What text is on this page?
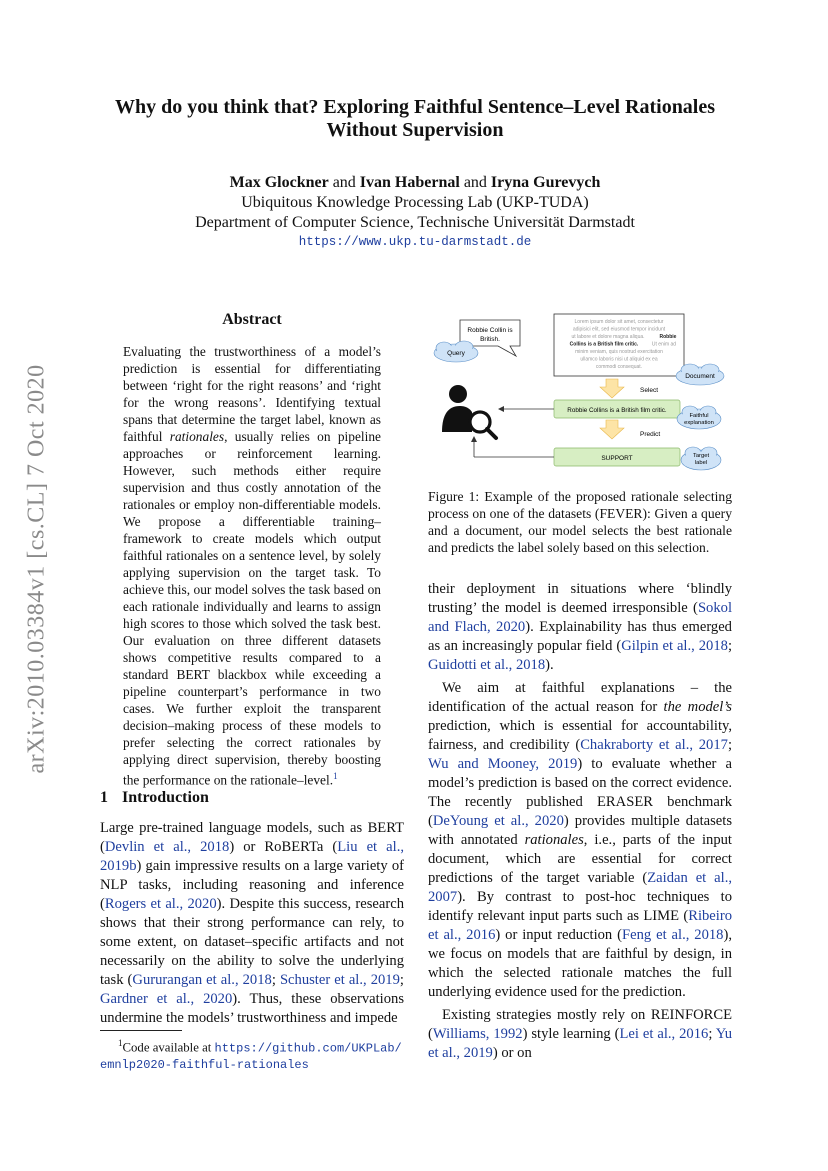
arXiv:2010.03384v1 [cs.CL] 7 Oct 2020
Why do you think that? Exploring Faithful Sentence–Level Rationales
Without Supervision
Max Glockner and Ivan Habernal and Iryna Gurevych
Ubiquitous Knowledge Processing Lab (UKP-TUDA)
Department of Computer Science, Technische Universität Darmstadt
https://www.ukp.tu-darmstadt.de
Abstract
Evaluating the trustworthiness of a model’s prediction is essential for differentiating between ‘right for the right reasons’ and ‘right for the wrong reasons’. Identifying textual spans that determine the target label, known as faithful rationales, usually relies on pipeline approaches or reinforcement learning. However, such methods either require supervision and thus costly annotation of the rationales or employ non-differentiable models. We propose a differentiable training–framework to create models which output faithful rationales on a sentence level, by solely applying supervision on the target task. To achieve this, our model solves the task based on each rationale individually and learns to assign high scores to those which solved the task best. Our evaluation on three different datasets shows competitive results compared to a standard BERT blackbox while exceeding a pipeline counterpart’s performance in two cases. We further exploit the transparent decision–making process of these models to prefer selecting the correct rationales by applying direct supervision, thereby boosting the performance on the rationale–level.$^1$
1 Introduction
Large pre-trained language models, such as BERT (Devlin et al., 2018) or RoBERTa (Liu et al., 2019b) gain impressive results on a large variety of NLP tasks, including reasoning and inference (Rogers et al., 2020). Despite this success, research shows that their strong performance can rely, to some extent, on dataset–specific artifacts and not necessarily on the ability to solve the underlying task (Gururangan et al., 2018; Schuster et al., 2019; Gardner et al., 2020). Thus, these observations undermine the models’ trustworthiness and impede
$^1$Code available at https://github.com/UKPLab/
emnlp2020-faithful-rationales
Robbie Collin is
British.
Query
Lorem ipsum dolor sit amet, consectetur
adipisici elit, sed eiusmod tempor incidunt
ut labore et dolore magna aliqua.	Robbie
Collins is a British film critic.	Ut enim ad
minim veniam, quis nostrud exercitation
ullamco laboris nisi ut aliquid ex ea
commodi consequat.
Document
Select
Robbie Collins is a British film critic.
Faithful
explanation
Predict
SUPPORT	Target
label
Figure 1: Example of the proposed rationale selecting process on one of the datasets (FEVER): Given a query and a document, our model selects the best rationale and predicts the label solely based on this selection.

their deployment in situations where ‘blindly trusting’ the model is deemed irresponsible (Sokol and Flach, 2020). Explainability has thus emerged as an increasingly popular field (Gilpin et al., 2018; Guidotti et al., 2018).

We aim at faithful explanations – the identification of the actual reason for the model’s prediction, which is essential for accountability, fairness, and credibility (Chakraborty et al., 2017; Wu and Mooney, 2019) to evaluate whether a model’s prediction is based on the correct evidence. The recently published ERASER benchmark (DeYoung et al., 2020) provides multiple datasets with annotated rationales, i.e., parts of the input document, which are essential for correct predictions of the target variable (Zaidan et al., 2007). By contrast to post-hoc techniques to identify relevant input parts such as LIME (Ribeiro et al., 2016) or input reduction (Feng et al., 2018), we focus on models that are faithful by design, in which the selected rationale matches the full underlying evidence used for the prediction.

Existing strategies mostly rely on REINFORCE (Williams, 1992) style learning (Lei et al., 2016; Yu et al., 2019) or on
